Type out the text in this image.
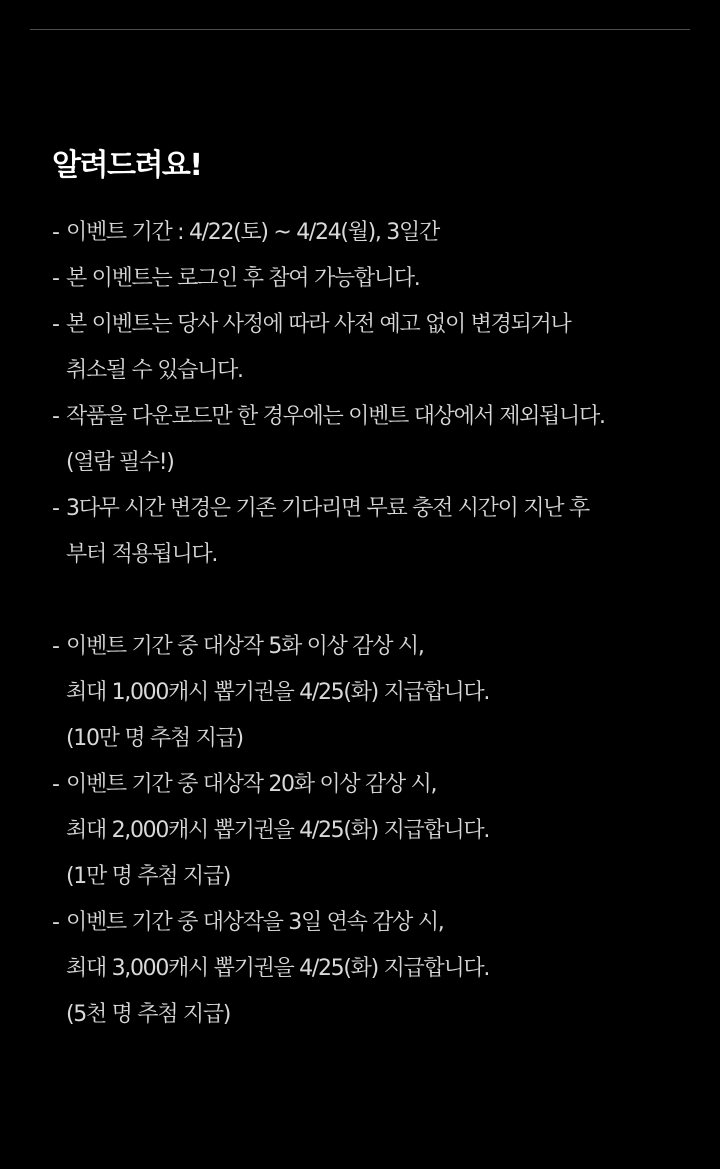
알려드려요!
- 이벤트 기간 : 4/22(토) ~ 4/24(월), 3일간
- 본 이벤트는 로그인 후 참여 가능합니다.
- 본 이벤트는 당사 사정에 따라 사전 예고 없이 변경되거나
취소될 수 있습니다.
- 작품을 다운로드만 한 경우에는 이벤트 대상에서 제외됩니다.
(열람 필수!)
- 3다무 시간 변경은 기존 기다리면 무료 충전 시간이 지난 후
부터 적용됩니다.
- 이벤트 기간 중 대상작 5화 이상 감상 시,
최대 1,000캐시 뽑기권을 4/25(화) 지급합니다.
(10만 명 추첨 지급)
- 이벤트 기간 중 대상작 20화 이상 감상 시,
최대 2,000캐시 뽑기권을 4/25(화) 지급합니다.
(1만 명 추첨 지급)
- 이벤트 기간 중 대상작을 3일 연속 감상 시,
최대 3,000캐시 뽑기권을 4/25(화) 지급합니다.
(5천 명 추첨 지급)
